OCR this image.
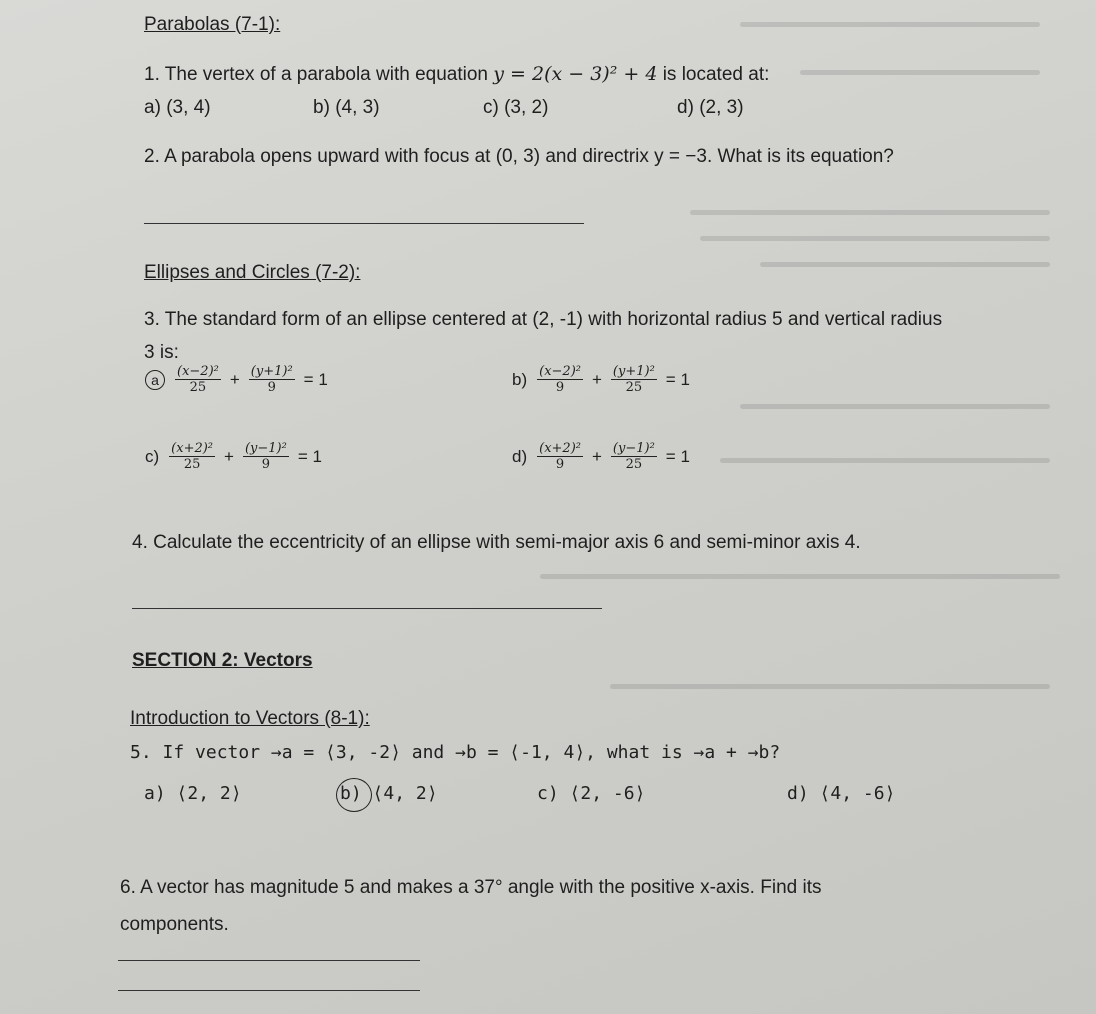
Parabolas (7-1):
1. The vertex of a parabola with equation y = 2(x − 3)² + 4 is located at:
a) (3, 4)	b) (4, 3)	c) (3, 2)	d) (2, 3)
2. A parabola opens upward with focus at (0, 3) and directrix y = −3. What is its equation?
Ellipses and Circles (7-2):
3. The standard form of an ellipse centered at (2, -1) with horizontal radius 5 and vertical radius
3 is:
a	$\frac{\text{(x−2)²}}{25} + \frac{\text{(y+1)²}}{9} = 1$	$b) \frac{\text{(x−2)²}}{9} + \frac{\text{(y+1)²}}{25} = 1$
$c) \frac{\text{(x+2)²}}{25} + \frac{\text{(y−1)²}}{9} = 1$	$d) \frac{\text{(x+2)²}}{9} + \frac{\text{(y−1)²}}{25} = 1$
4. Calculate the eccentricity of an ellipse with semi-major axis 6 and semi-minor axis 4.
SECTION 2: Vectors
Introduction to Vectors (8-1):
5. If vector →a = ⟨3, -2⟩ and →b = ⟨-1, 4⟩, what is →a + →b?
a) ⟨2, 2⟩	b) ⟨4, 2⟩	c) ⟨2, -6⟩	d) ⟨4, -6⟩
6. A vector has magnitude 5 and makes a 37° angle with the positive x-axis. Find its
components.
